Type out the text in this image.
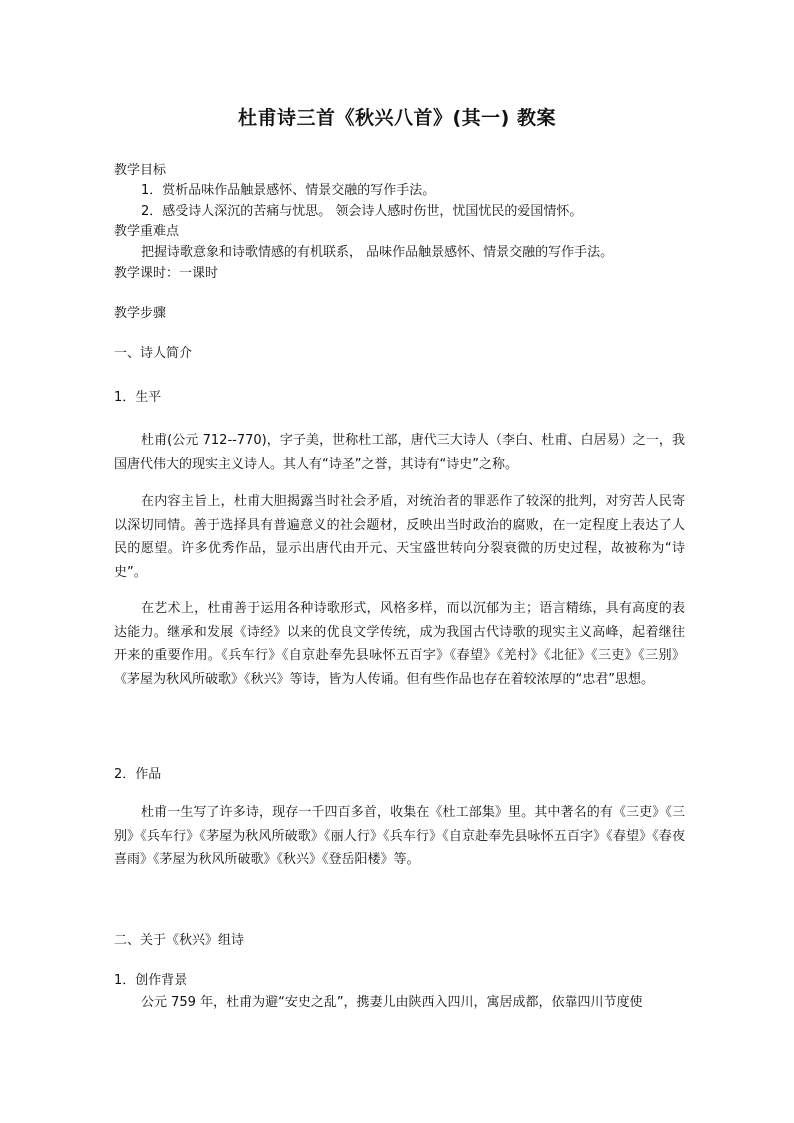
杜甫诗三首《秋兴八首》(其一) 教案
教学目标
1．赏析品味作品触景感怀、情景交融的写作手法。
2．感受诗人深沉的苦痛与忧思。 领会诗人感时伤世，忧国忧民的爱国情怀。
教学重难点
把握诗歌意象和诗歌情感的有机联系， 品味作品触景感怀、情景交融的写作手法。
教学课时：一课时
教学步骤
一、诗人简介
1．生平
杜甫(公元 712--770)，字子美，世称杜工部，唐代三大诗人（李白、杜甫、白居易）之一，我国唐代伟大的现实主义诗人。其人有“诗圣”之誉，其诗有“诗史”之称。
在内容主旨上，杜甫大胆揭露当时社会矛盾，对统治者的罪恶作了较深的批判，对穷苦人民寄以深切同情。善于选择具有普遍意义的社会题材，反映出当时政治的腐败，在一定程度上表达了人民的愿望。许多优秀作品，显示出唐代由开元、天宝盛世转向分裂衰微的历史过程，故被称为“诗史”。
在艺术上，杜甫善于运用各种诗歌形式，风格多样，而以沉郁为主；语言精练，具有高度的表达能力。继承和发展《诗经》以来的优良文学传统，成为我国古代诗歌的现实主义高峰，起着继往开来的重要作用。《兵车行》《自京赴奉先县咏怀五百字》《春望》《羌村》《北征》《三吏》《三别》《茅屋为秋风所破歌》《秋兴》等诗，皆为人传诵。但有些作品也存在着较浓厚的“忠君”思想。
2．作品
杜甫一生写了许多诗，现存一千四百多首，收集在《杜工部集》里。其中著名的有《三吏》《三别》《兵车行》《茅屋为秋风所破歌》《丽人行》《兵车行》《自京赴奉先县咏怀五百字》《春望》《春夜喜雨》《茅屋为秋风所破歌》《秋兴》《登岳阳楼》等。
二、关于《秋兴》组诗
1．创作背景
公元 759 年，杜甫为避“安史之乱”，携妻儿由陕西入四川，寓居成都，依靠四川节度使
